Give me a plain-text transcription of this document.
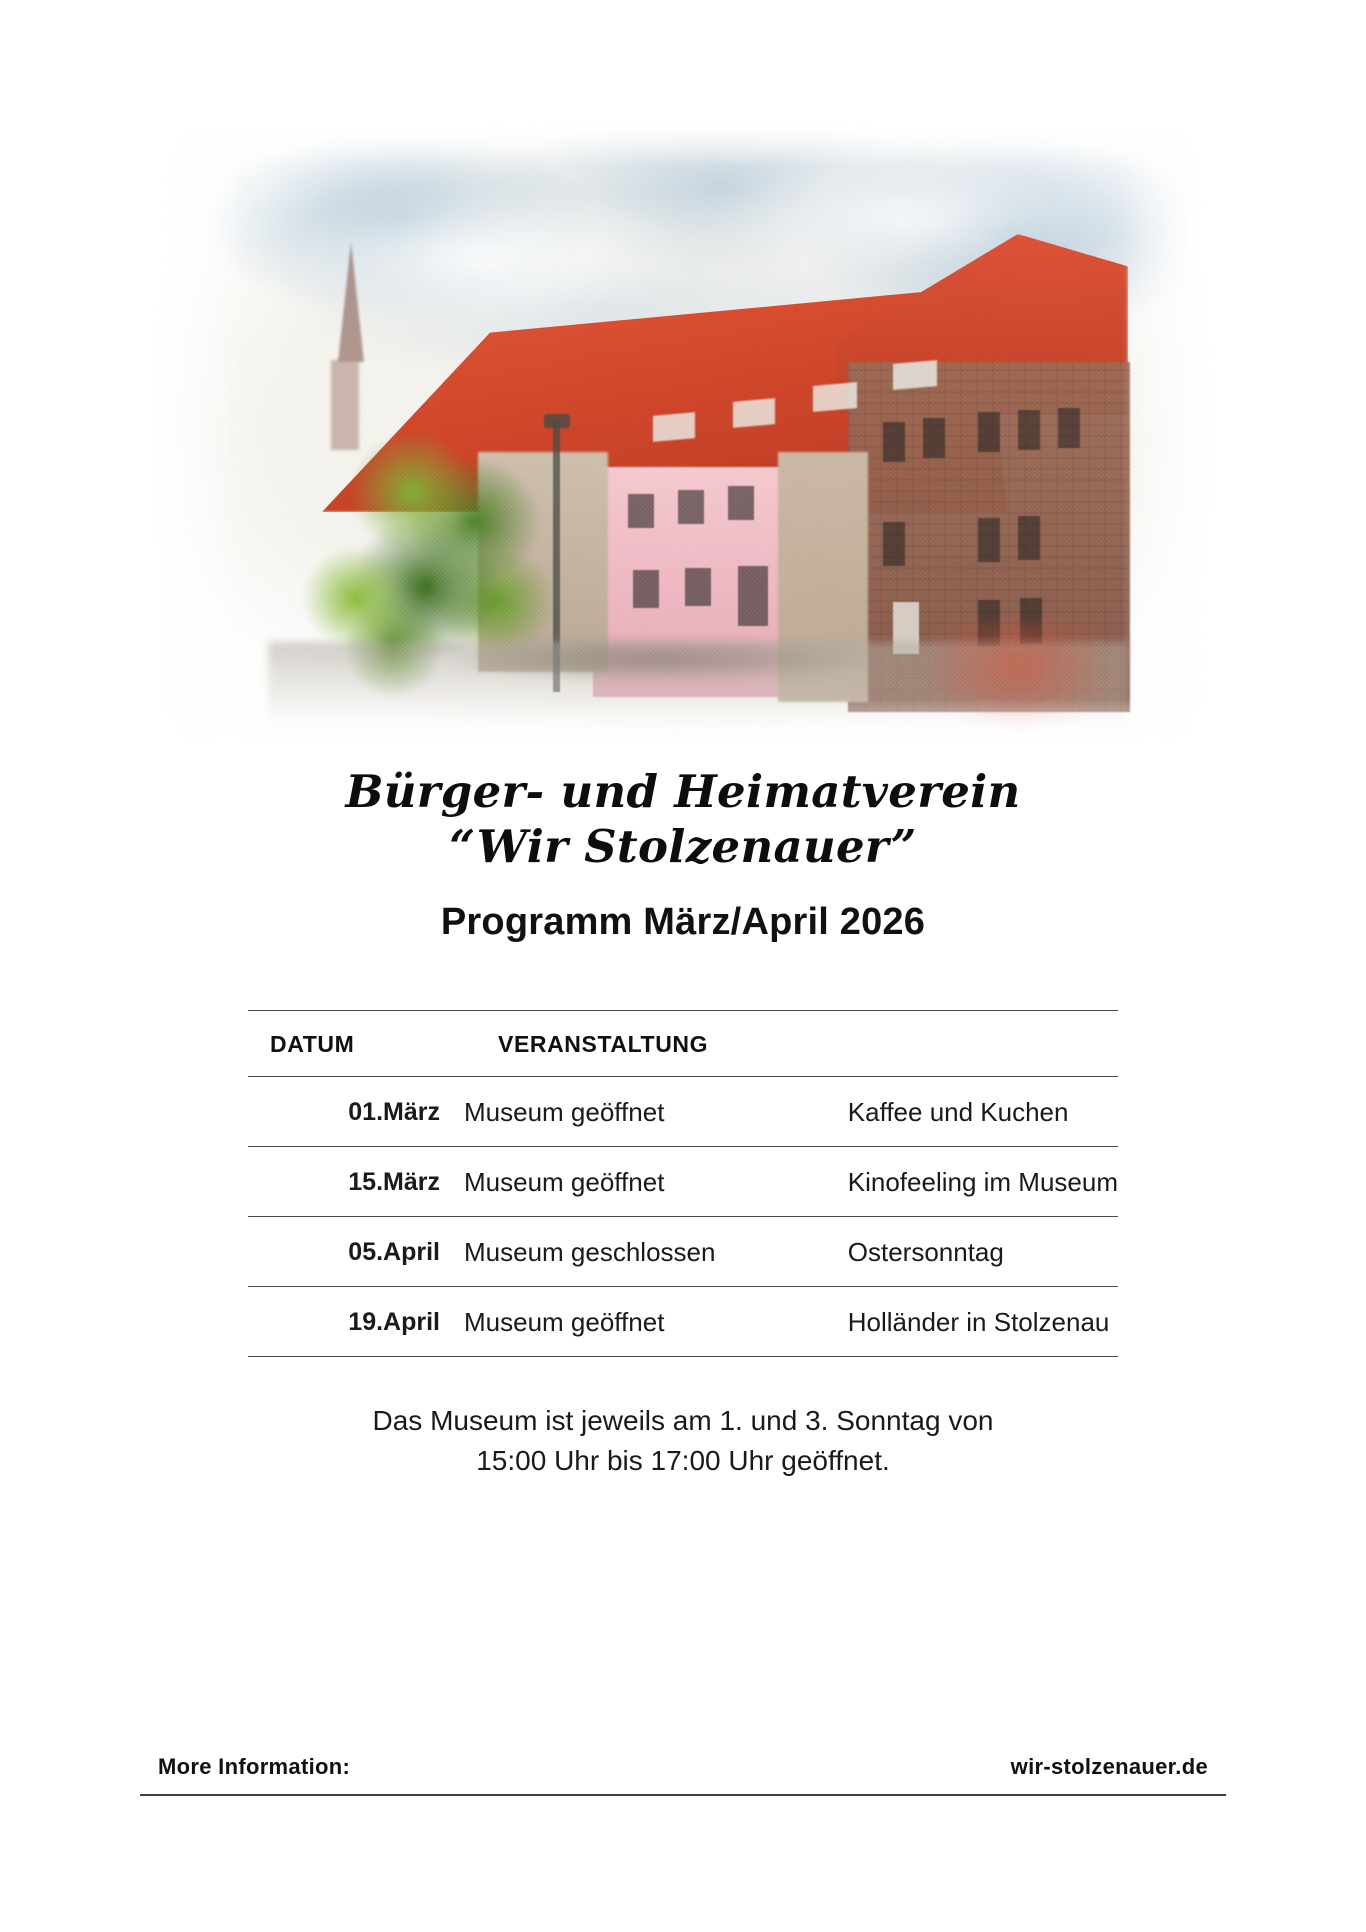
Bürger- und Heimatverein
“Wir Stolzenauer”
Programm März/April 2026
DATUM	VERANSTALTUNG	
01.März	Museum geöffnet	Kaffee und Kuchen
15.März	Museum geöffnet	Kinofeeling im Museum
05.April	Museum geschlossen	Ostersonntag
19.April	Museum geöffnet	Holländer in Stolzenau
Das Museum ist jeweils am 1. und 3. Sonntag von
15:00 Uhr bis 17:00 Uhr geöffnet.
More Information:	wir-stolzenauer.de
